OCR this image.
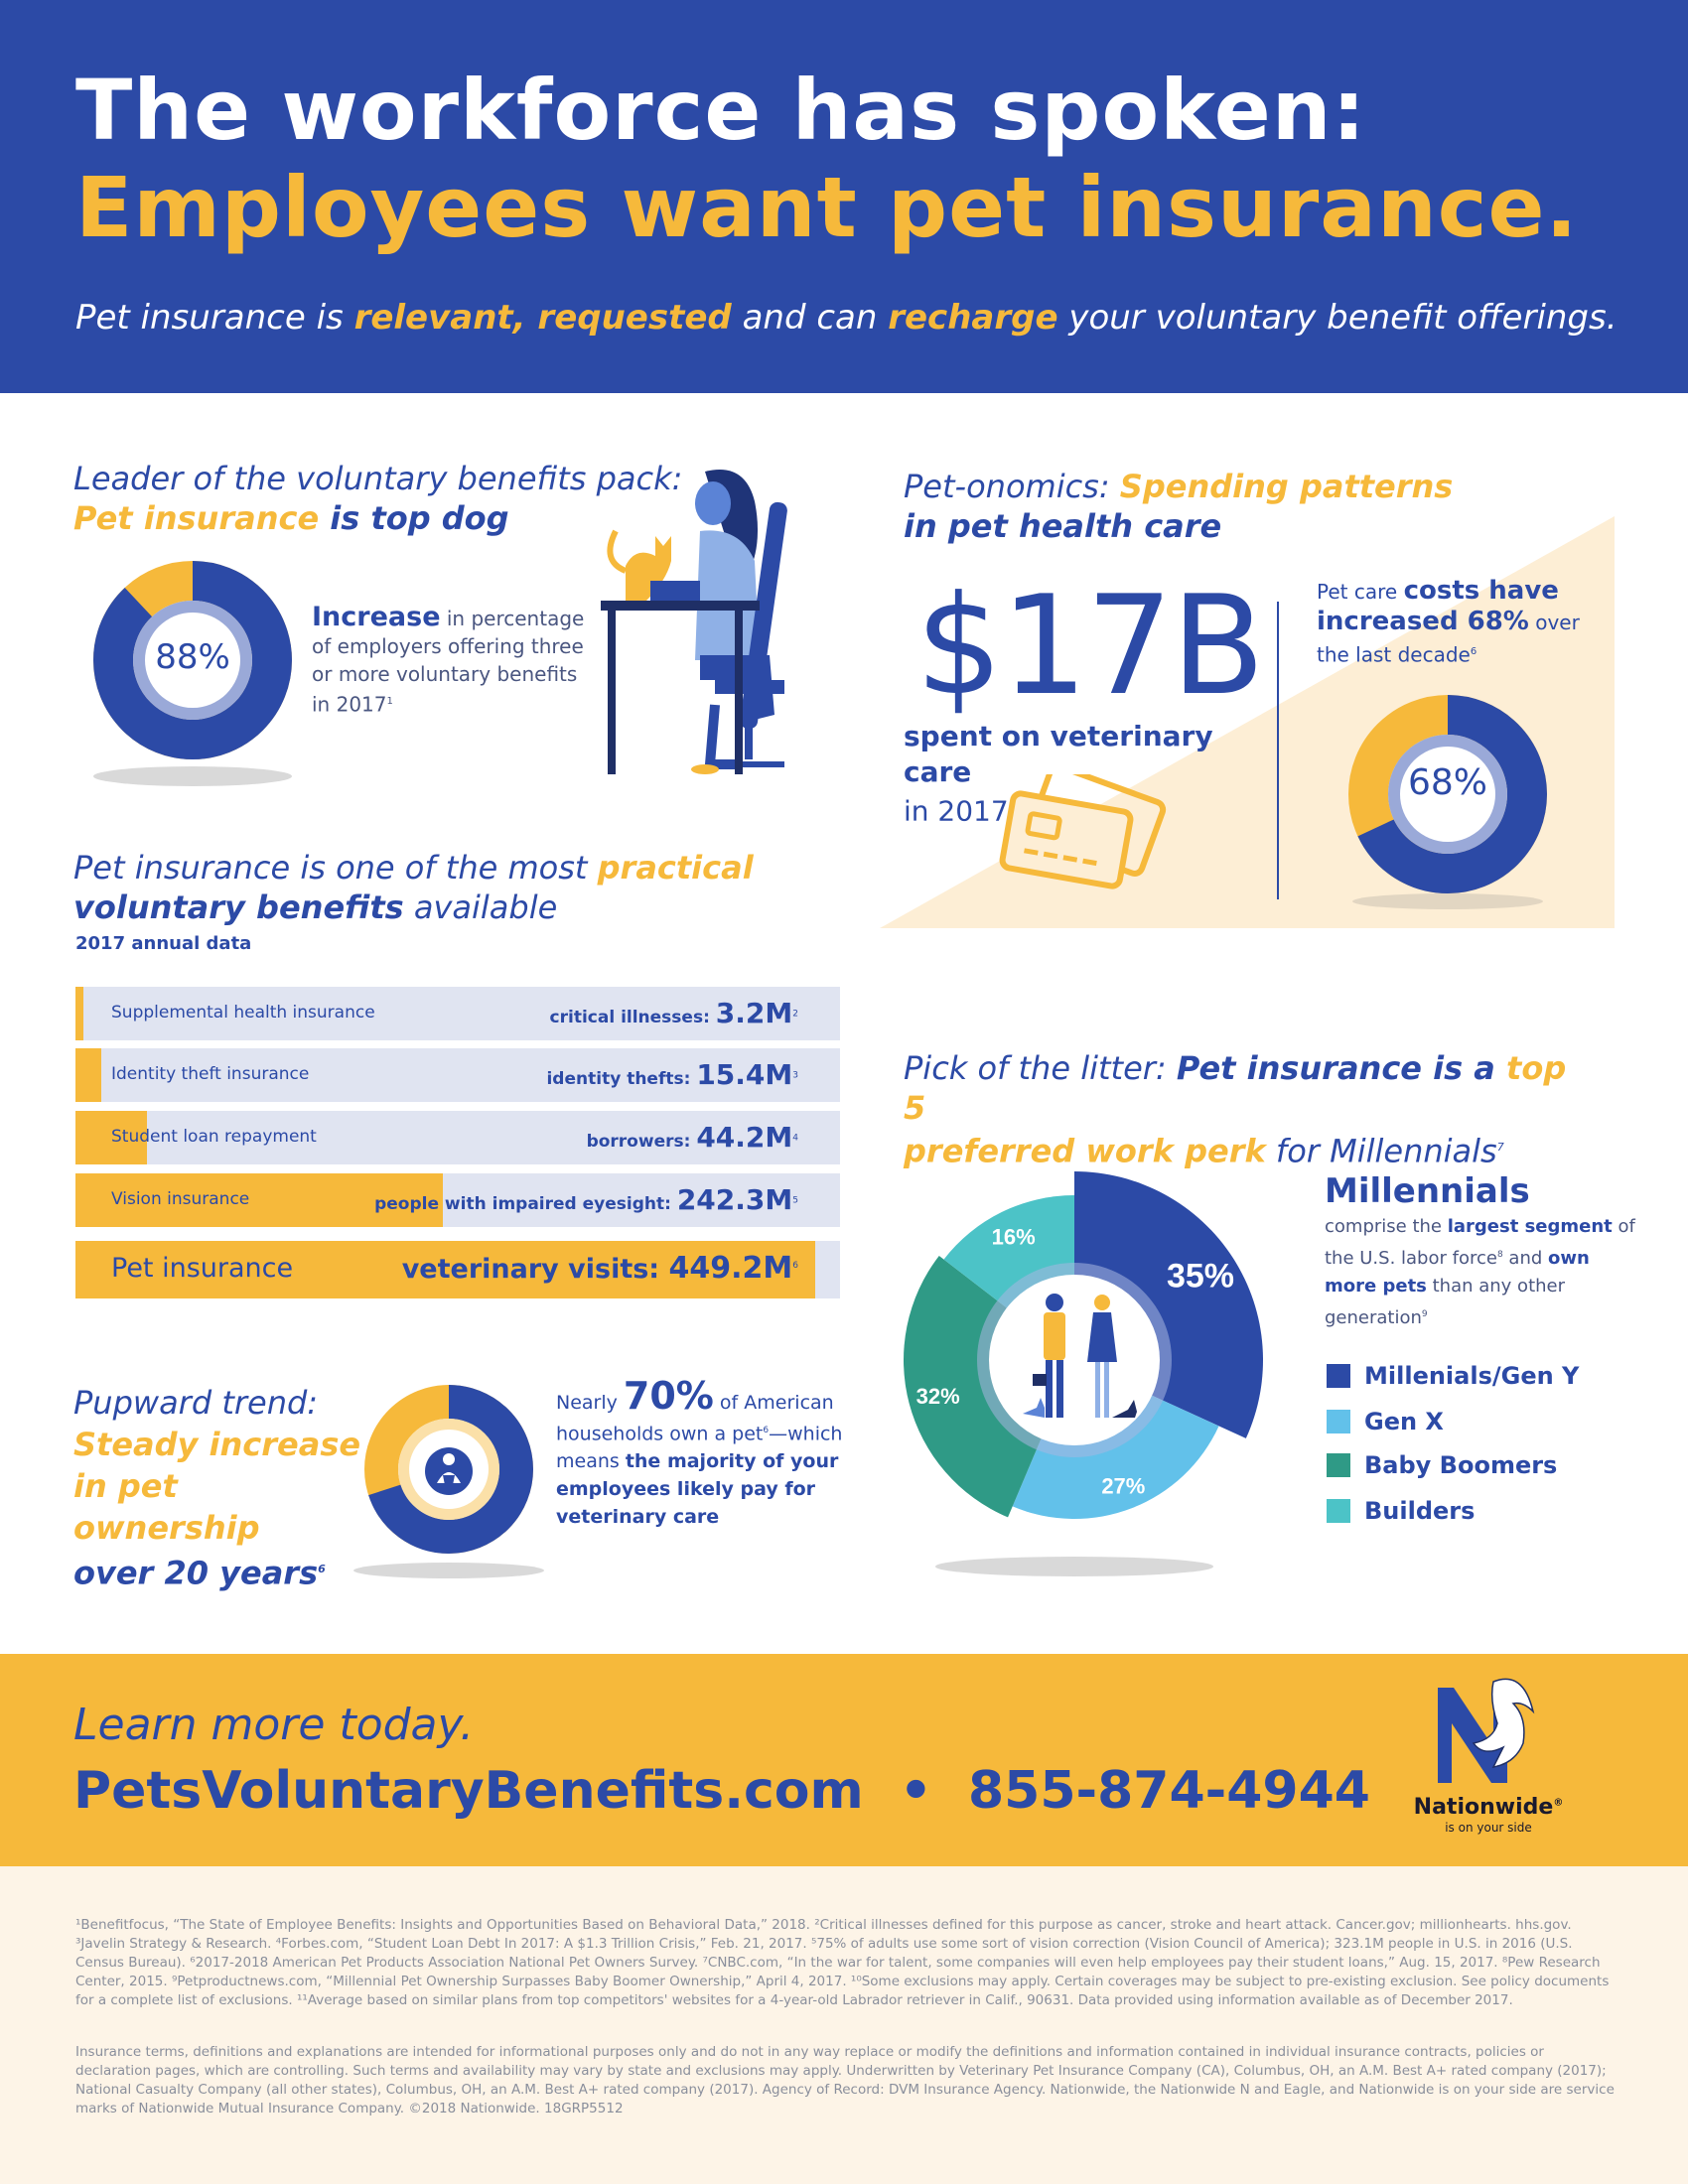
The workforce has spoken:
Employees want pet insurance.
Pet insurance is relevant, requested and can recharge your voluntary benefit offerings.
Leader of the voluntary benefits pack:
Pet insurance is top dog
88%
Increase in percentage of employers offering three or more voluntary benefits in 2017$^1$
Pet-onomics: Spending patterns
in pet health care
$17B
spent on veterinary care
in 2017
Pet care costs have increased 68% over the last decade$^6$
68%
Pet insurance is one of the most practical
voluntary benefits available
2017 annual data
Supplemental health insurance	critical illnesses: $3.2M^2$
Identity theft insurance	identity thefts: $15.4M^3$
Student loan repayment	borrowers: $44.2M^4$
Vision insurance	people with impaired eyesight: $242.3M^5$
Pet insurance	veterinary visits: $449.2M^6$
Pupward trend:
Steady increase in pet ownership
over 20 years$^6$
Nearly 70% of American households own a pet$^6$—which means the majority of your employees likely pay for veterinary care
Pick of the litter: Pet insurance is a top 5
preferred work perk for Millennials$^7$
35%
27%
32%
16%
Millennials
comprise the largest segment of the U.S. labor force$^8$ and own more pets than any other generation$^9$
Millenials/Gen Y
Gen X
Baby Boomers
Builders
Learn more today.
PetsVoluntaryBenefits.com • 855-874-4944	Nationwide®
is on your side
¹Benefitfocus, “The State of Employee Benefits: Insights and Opportunities Based on Behavioral Data,” 2018. ²Critical illnesses defined for this purpose as cancer, stroke and heart attack. Cancer.gov; millionhearts. hhs.gov. ³Javelin Strategy & Research. ⁴Forbes.com, “Student Loan Debt In 2017: A $1.3 Trillion Crisis,” Feb. 21, 2017. ⁵75% of adults use some sort of vision correction (Vision Council of America); 323.1M people in U.S. in 2016 (U.S. Census Bureau). ⁶2017-2018 American Pet Products Association National Pet Owners Survey. ⁷CNBC.com, “In the war for talent, some companies will even help employees pay their student loans,” Aug. 15, 2017. ⁸Pew Research Center, 2015. ⁹Petproductnews.com, “Millennial Pet Ownership Surpasses Baby Boomer Ownership,” April 4, 2017. ¹⁰Some exclusions may apply. Certain coverages may be subject to pre-existing exclusion. See policy documents for a complete list of exclusions. ¹¹Average based on similar plans from top competitors' websites for a 4-year-old Labrador retriever in Calif., 90631. Data provided using information available as of December 2017.
Insurance terms, definitions and explanations are intended for informational purposes only and do not in any way replace or modify the definitions and information contained in individual insurance contracts, policies or declaration pages, which are controlling. Such terms and availability may vary by state and exclusions may apply. Underwritten by Veterinary Pet Insurance Company (CA), Columbus, OH, an A.M. Best A+ rated company (2017); National Casualty Company (all other states), Columbus, OH, an A.M. Best A+ rated company (2017). Agency of Record: DVM Insurance Agency. Nationwide, the Nationwide N and Eagle, and Nationwide is on your side are service marks of Nationwide Mutual Insurance Company. ©2018 Nationwide. 18GRP5512
